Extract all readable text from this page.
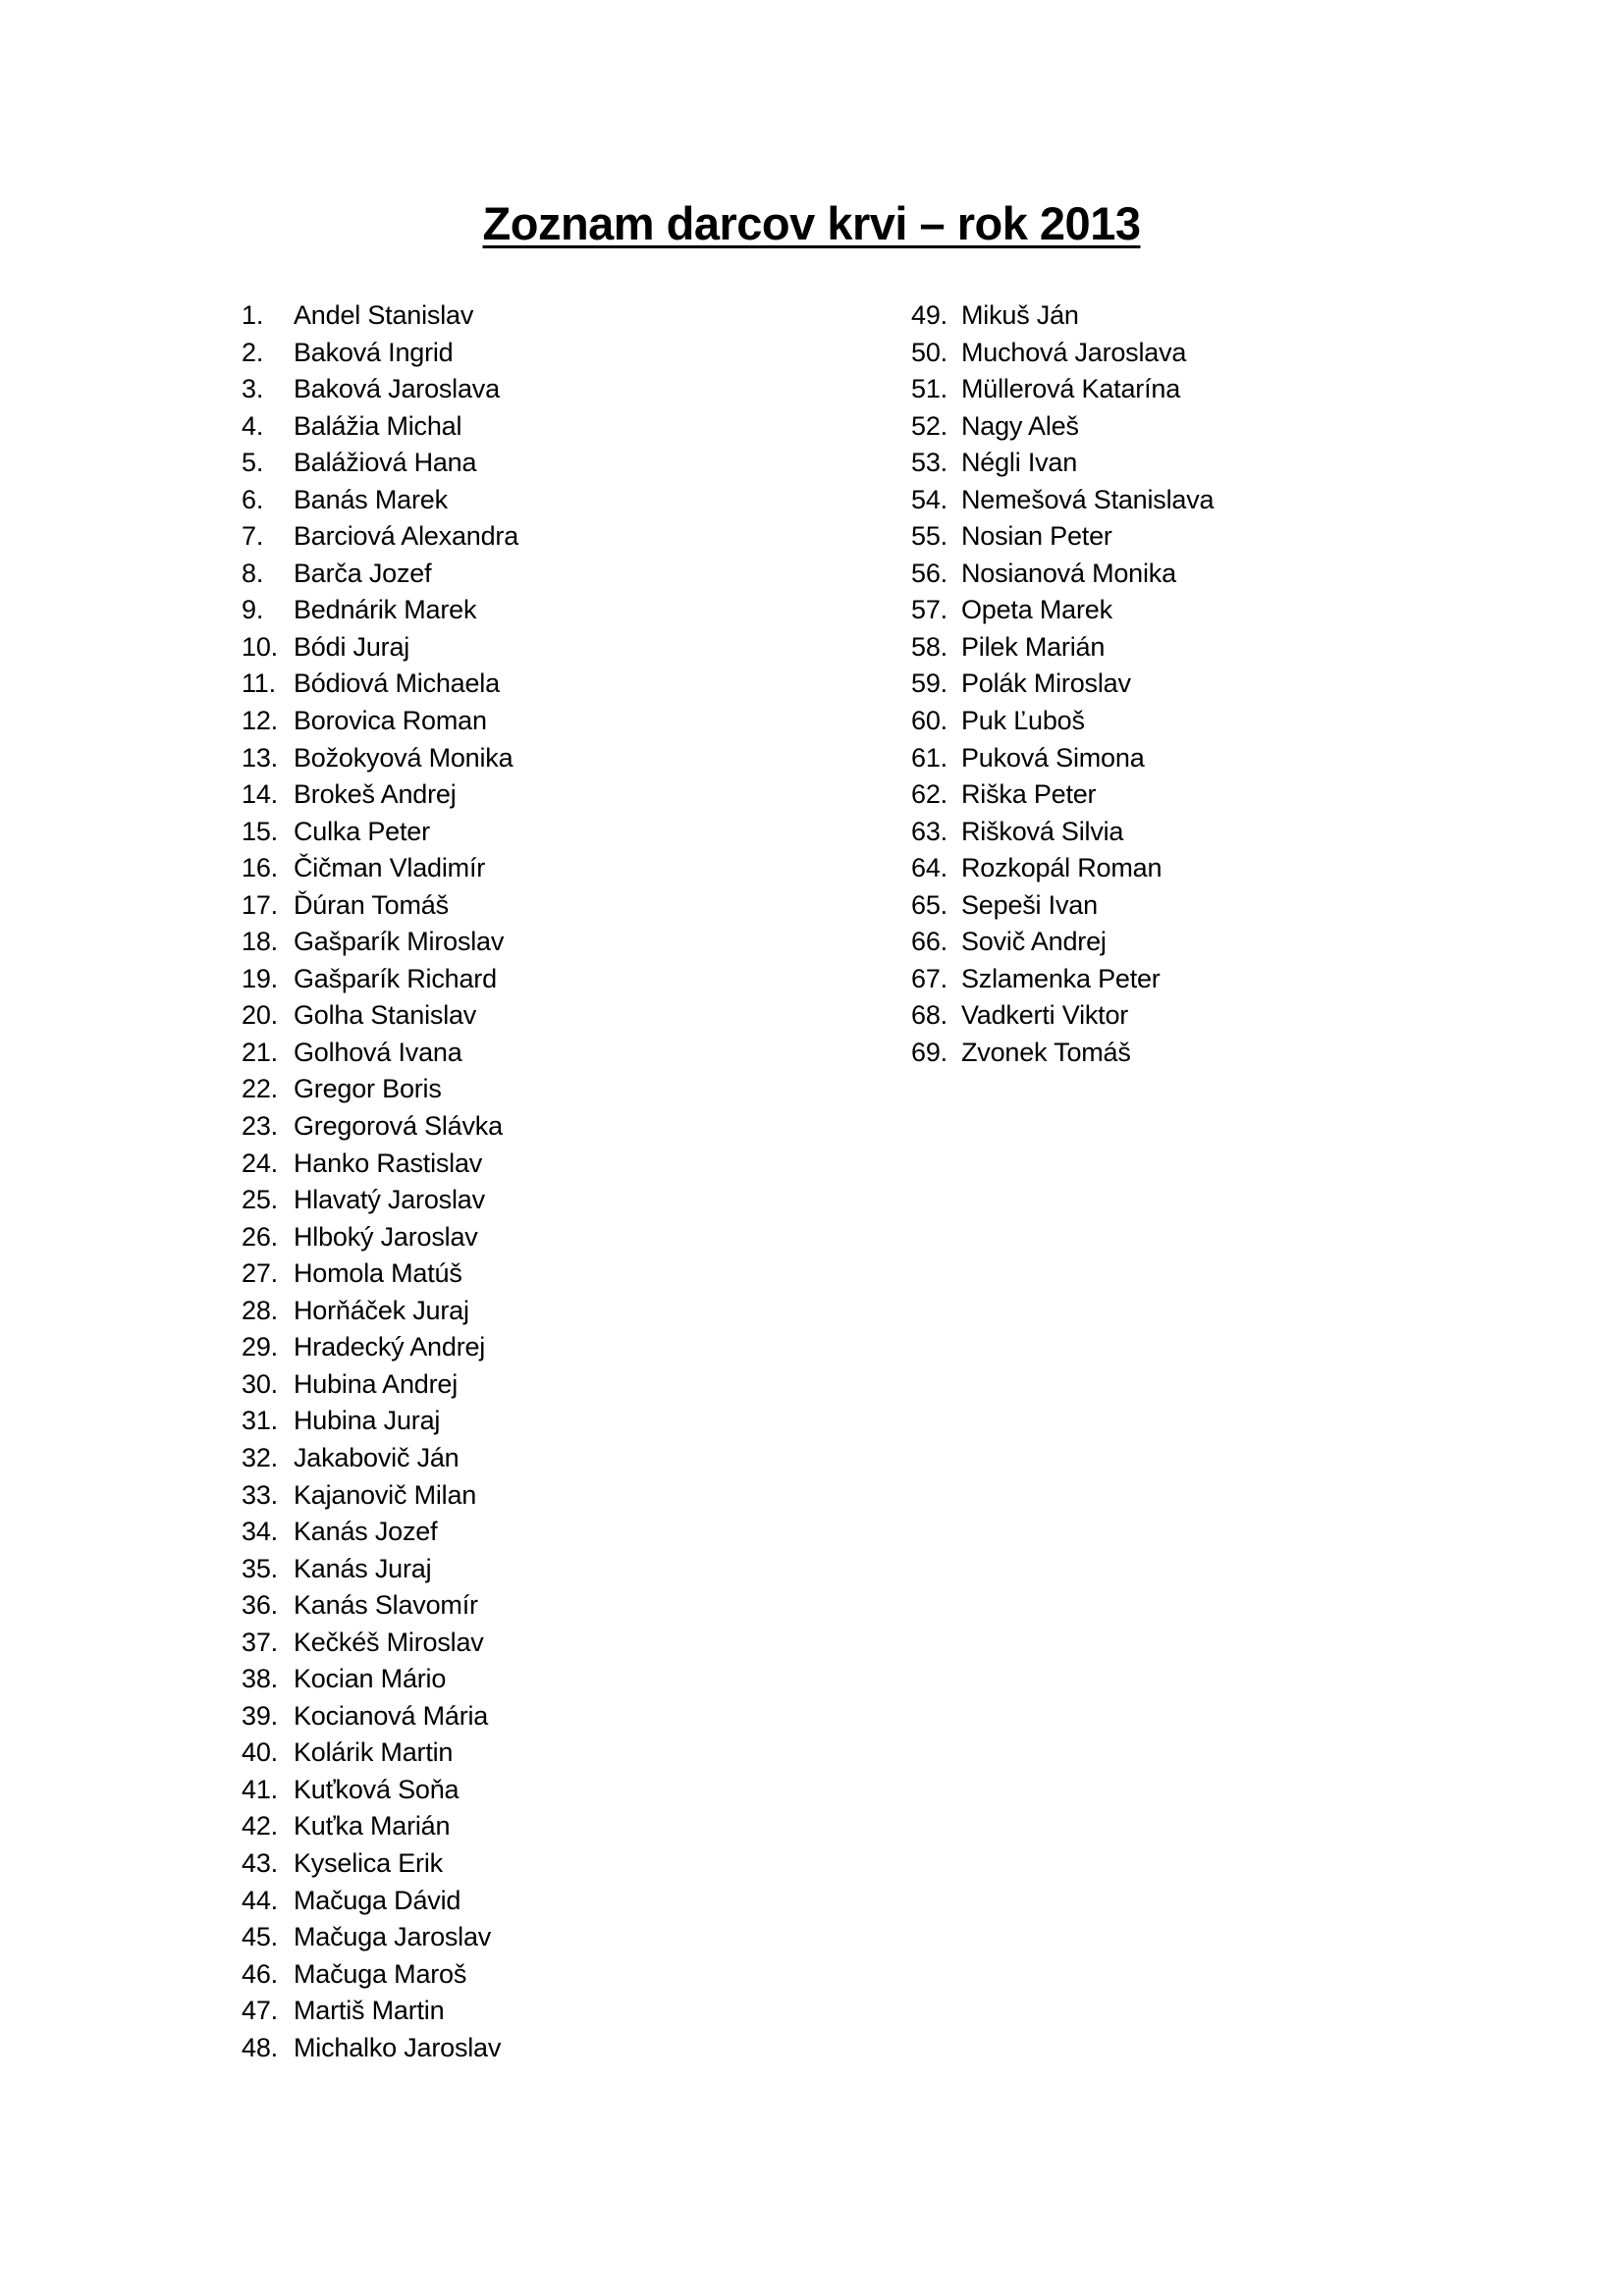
Zoznam darcov krvi – rok 2013
1.	Andel Stanislav
2.	Baková Ingrid
3.	Baková Jaroslava
4.	Balážia Michal
5.	Balážiová Hana
6.	Banás Marek
7.	Barciová Alexandra
8.	Barča Jozef
9.	Bednárik Marek
10. Bódi Juraj
11. Bódiová Michaela
12. Borovica Roman
13. Božokyová Monika
14. Brokeš Andrej
15. Culka Peter
16. Čičman Vladimír
17. Ďúran Tomáš
18. Gašparík Miroslav
19. Gašparík Richard
20. Golha Stanislav
21. Golhová Ivana
22. Gregor Boris
23. Gregorová Slávka
24. Hanko Rastislav
25. Hlavatý Jaroslav
26. Hlboký Jaroslav
27. Homola Matúš
28. Horňáček Juraj
29. Hradecký Andrej
30. Hubina Andrej
31. Hubina Juraj
32. Jakabovič Ján
33. Kajanovič Milan
34. Kanás Jozef
35. Kanás Juraj
36. Kanás Slavomír
37. Kečkéš Miroslav
38. Kocian Mário
39. Kocianová Mária
40. Kolárik Martin
41. Kuťková Soňa
42. Kuťka Marián
43. Kyselica Erik
44. Mačuga Dávid
45. Mačuga Jaroslav
46. Mačuga Maroš
47. Martiš Martin
48. Michalko Jaroslav
49. Mikuš Ján
50. Muchová Jaroslava
51. Müllerová Katarína
52. Nagy Aleš
53. Négli Ivan
54. Nemešová Stanislava
55. Nosian Peter
56. Nosianová Monika
57. Opeta Marek
58. Pilek Marián
59. Polák Miroslav
60. Puk Ľuboš
61. Puková Simona
62. Riška Peter
63. Rišková Silvia
64. Rozkopál Roman
65. Sepeši Ivan
66. Sovič Andrej
67. Szlamenka Peter
68. Vadkerti Viktor
69. Zvonek Tomáš
